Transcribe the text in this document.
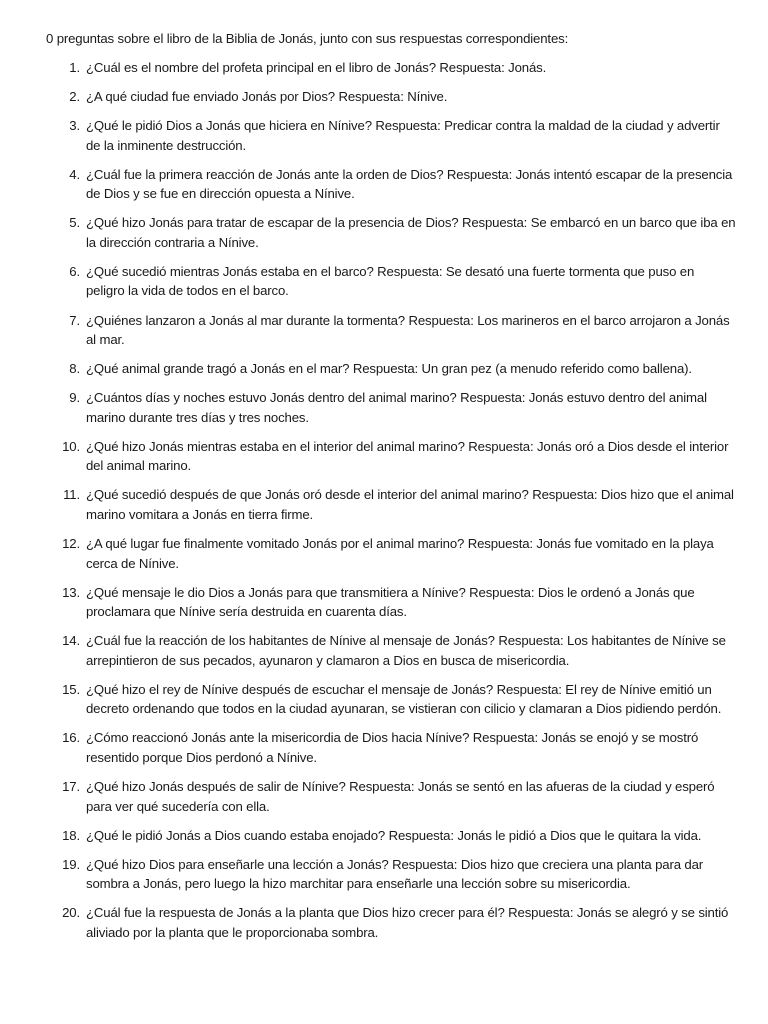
0 preguntas sobre el libro de la Biblia de Jonás, junto con sus respuestas correspondientes:
1. ¿Cuál es el nombre del profeta principal en el libro de Jonás? Respuesta: Jonás.
2. ¿A qué ciudad fue enviado Jonás por Dios? Respuesta: Nínive.
3. ¿Qué le pidió Dios a Jonás que hiciera en Nínive? Respuesta: Predicar contra la maldad de la ciudad y advertir de la inminente destrucción.
4. ¿Cuál fue la primera reacción de Jonás ante la orden de Dios? Respuesta: Jonás intentó escapar de la presencia de Dios y se fue en dirección opuesta a Nínive.
5. ¿Qué hizo Jonás para tratar de escapar de la presencia de Dios? Respuesta: Se embarcó en un barco que iba en la dirección contraria a Nínive.
6. ¿Qué sucedió mientras Jonás estaba en el barco? Respuesta: Se desató una fuerte tormenta que puso en peligro la vida de todos en el barco.
7. ¿Quiénes lanzaron a Jonás al mar durante la tormenta? Respuesta: Los marineros en el barco arrojaron a Jonás al mar.
8. ¿Qué animal grande tragó a Jonás en el mar? Respuesta: Un gran pez (a menudo referido como ballena).
9. ¿Cuántos días y noches estuvo Jonás dentro del animal marino? Respuesta: Jonás estuvo dentro del animal marino durante tres días y tres noches.
10. ¿Qué hizo Jonás mientras estaba en el interior del animal marino? Respuesta: Jonás oró a Dios desde el interior del animal marino.
11. ¿Qué sucedió después de que Jonás oró desde el interior del animal marino? Respuesta: Dios hizo que el animal marino vomitara a Jonás en tierra firme.
12. ¿A qué lugar fue finalmente vomitado Jonás por el animal marino? Respuesta: Jonás fue vomitado en la playa cerca de Nínive.
13. ¿Qué mensaje le dio Dios a Jonás para que transmitiera a Nínive? Respuesta: Dios le ordenó a Jonás que proclamara que Nínive sería destruida en cuarenta días.
14. ¿Cuál fue la reacción de los habitantes de Nínive al mensaje de Jonás? Respuesta: Los habitantes de Nínive se arrepintieron de sus pecados, ayunaron y clamaron a Dios en busca de misericordia.
15. ¿Qué hizo el rey de Nínive después de escuchar el mensaje de Jonás? Respuesta: El rey de Nínive emitió un decreto ordenando que todos en la ciudad ayunaran, se vistieran con cilicio y clamaran a Dios pidiendo perdón.
16. ¿Cómo reaccionó Jonás ante la misericordia de Dios hacia Nínive? Respuesta: Jonás se enojó y se mostró resentido porque Dios perdonó a Nínive.
17. ¿Qué hizo Jonás después de salir de Nínive? Respuesta: Jonás se sentó en las afueras de la ciudad y esperó para ver qué sucedería con ella.
18. ¿Qué le pidió Jonás a Dios cuando estaba enojado? Respuesta: Jonás le pidió a Dios que le quitara la vida.
19. ¿Qué hizo Dios para enseñarle una lección a Jonás? Respuesta: Dios hizo que creciera una planta para dar sombra a Jonás, pero luego la hizo marchitar para enseñarle una lección sobre su misericordia.
20. ¿Cuál fue la respuesta de Jonás a la planta que Dios hizo crecer para él? Respuesta: Jonás se alegró y se sintió aliviado por la planta que le proporcionaba sombra.
